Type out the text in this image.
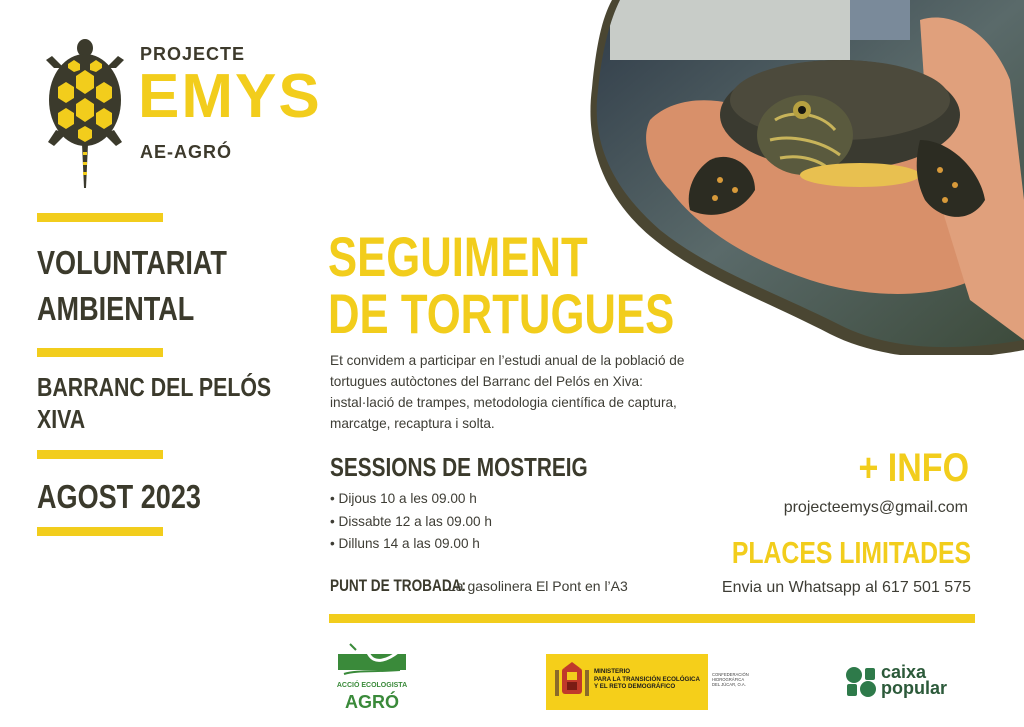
PROJECTE
EMYS
AE-AGRÓ
VOLUNTARIAT
AMBIENTAL
BARRANC DEL PELÓS
XIVA
AGOST 2023
SEGUIMENT
DE TORTUGUES
Et convidem a participar en l’estudi anual de la població de tortugues autòctones del Barranc del Pelós en Xiva: instal·lació de trampes, metodologia científica de captura, marcatge, recaptura i solta.
SESSIONS DE MOSTREIG
• Dijous 10 a les 09.00 h
• Dissabte 12 a las 09.00 h
• Dilluns 14 a las 09.00 h
PUNT DE TROBADA:
La gasolinera El Pont en l’A3
+ INFO
projecteemys@gmail.com
PLACES LIMITADES
Envia un Whatsapp al 617 501 575
ACCIÓ ECOLOGISTA
AGRÓ
MINISTERIO
PARA LA TRANSICIÓN ECOLÓGICA
Y EL RETO DEMOGRÁFICO
CONFEDERACIÓN
HIDROGRÁFICA
DEL JÚCAR, O.A.
caixa
popular
